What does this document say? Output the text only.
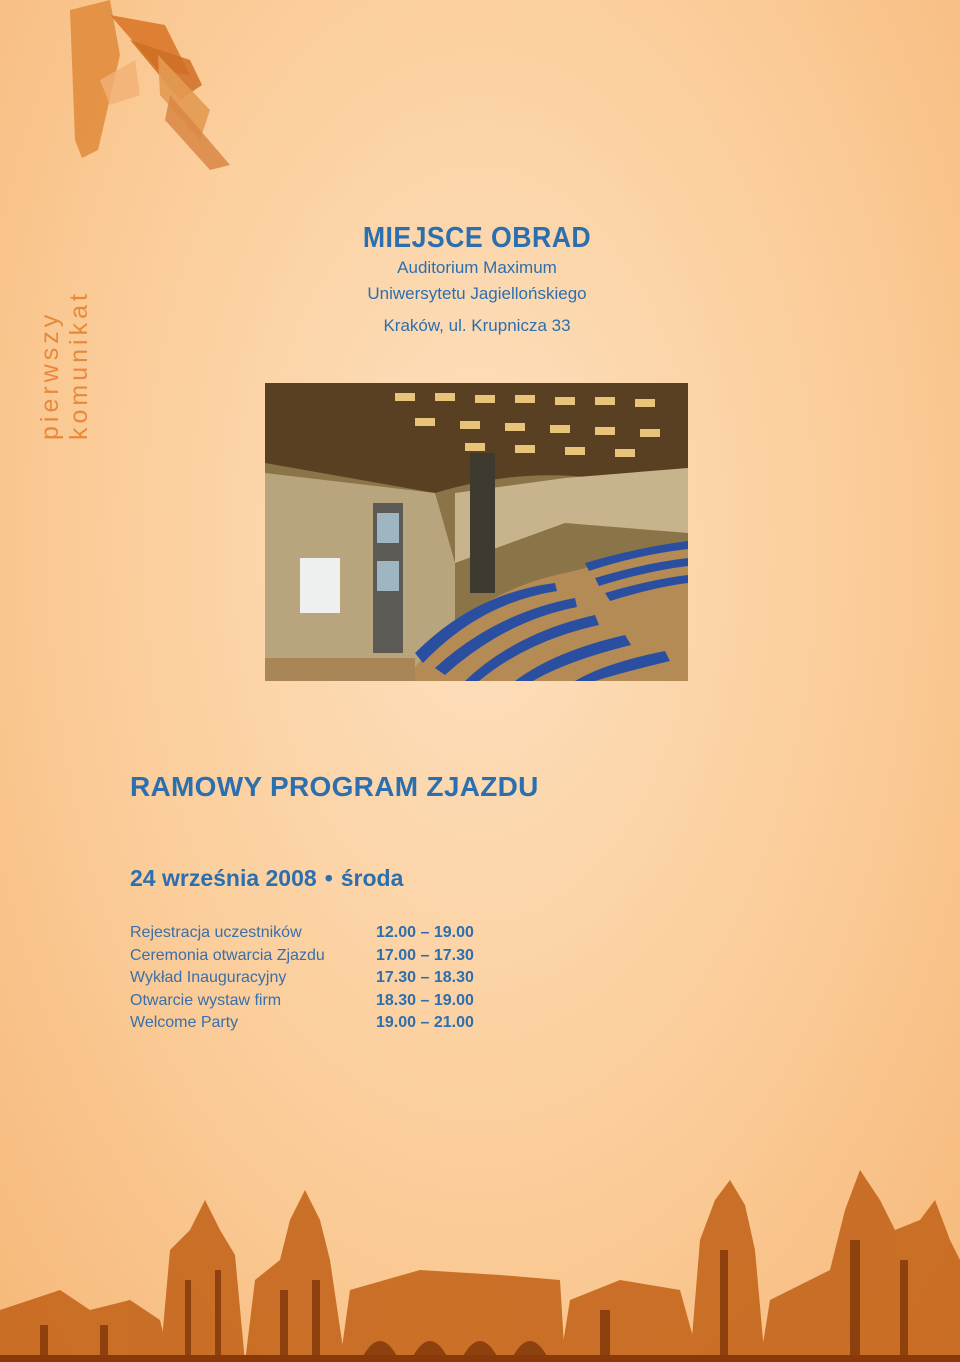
pierwszy komunikat
MIEJSCE OBRAD
Auditorium Maximum
Uniwersytetu Jagiellońskiego
Kraków, ul. Krupnicza 33
RAMOWY PROGRAM ZJAZDU
24 września 2008 • środa
Rejestracja uczestników	12.00 – 19.00
Ceremonia otwarcia Zjazdu	17.00 – 17.30
Wykład Inauguracyjny	17.30 – 18.30
Otwarcie wystaw firm	18.30 – 19.00
Welcome Party	19.00 – 21.00
